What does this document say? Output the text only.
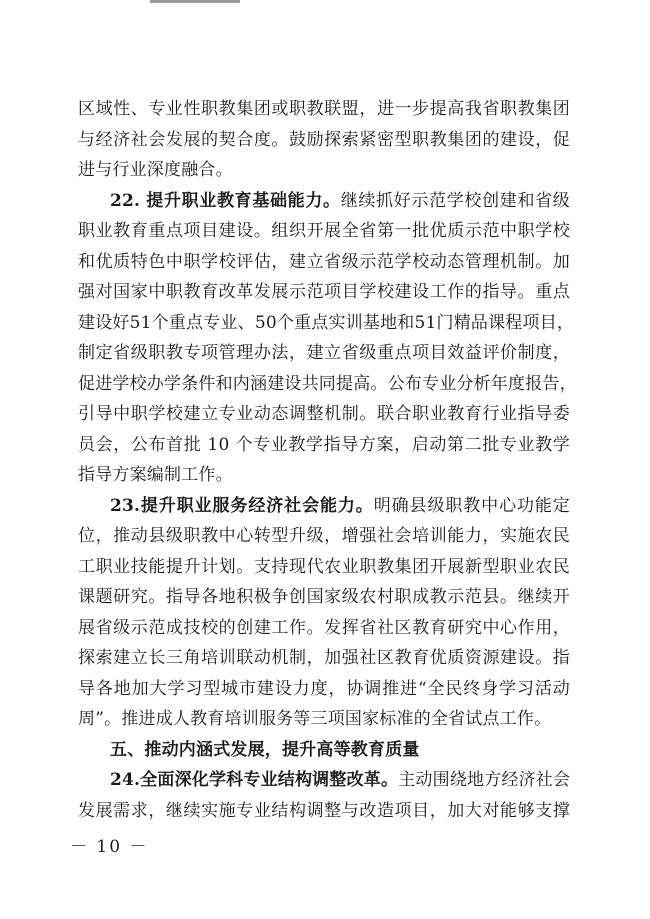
区域性、专业性职教集团或职教联盟，进一步提高我省职教集团
与经济社会发展的契合度。鼓励探索紧密型职教集团的建设，促
进与行业深度融合。
22. 提升职业教育基础能力。继续抓好示范学校创建和省级
职业教育重点项目建设。组织开展全省第一批优质示范中职学校
和优质特色中职学校评估，建立省级示范学校动态管理机制。加
强对国家中职教育改革发展示范项目学校建设工作的指导。重点
建设好51个重点专业、50个重点实训基地和51门精品课程项目，
制定省级职教专项管理办法，建立省级重点项目效益评价制度，
促进学校办学条件和内涵建设共同提高。公布专业分析年度报告，
引导中职学校建立专业动态调整机制。联合职业教育行业指导委
员会，公布首批 10 个专业教学指导方案，启动第二批专业教学
指导方案编制工作。
23.提升职业服务经济社会能力。明确县级职教中心功能定
位，推动县级职教中心转型升级，增强社会培训能力，实施农民
工职业技能提升计划。支持现代农业职教集团开展新型职业农民
课题研究。指导各地积极争创国家级农村职成教示范县。继续开
展省级示范成技校的创建工作。发挥省社区教育研究中心作用，
探索建立长三角培训联动机制，加强社区教育优质资源建设。指
导各地加大学习型城市建设力度，协调推进“全民终身学习活动
周”。推进成人教育培训服务等三项国家标准的全省试点工作。
五、推动内涵式发展，提升高等教育质量
24.全面深化学科专业结构调整改革。主动围绕地方经济社会
发展需求，继续实施专业结构调整与改造项目，加大对能够支撑
－ 10 －
